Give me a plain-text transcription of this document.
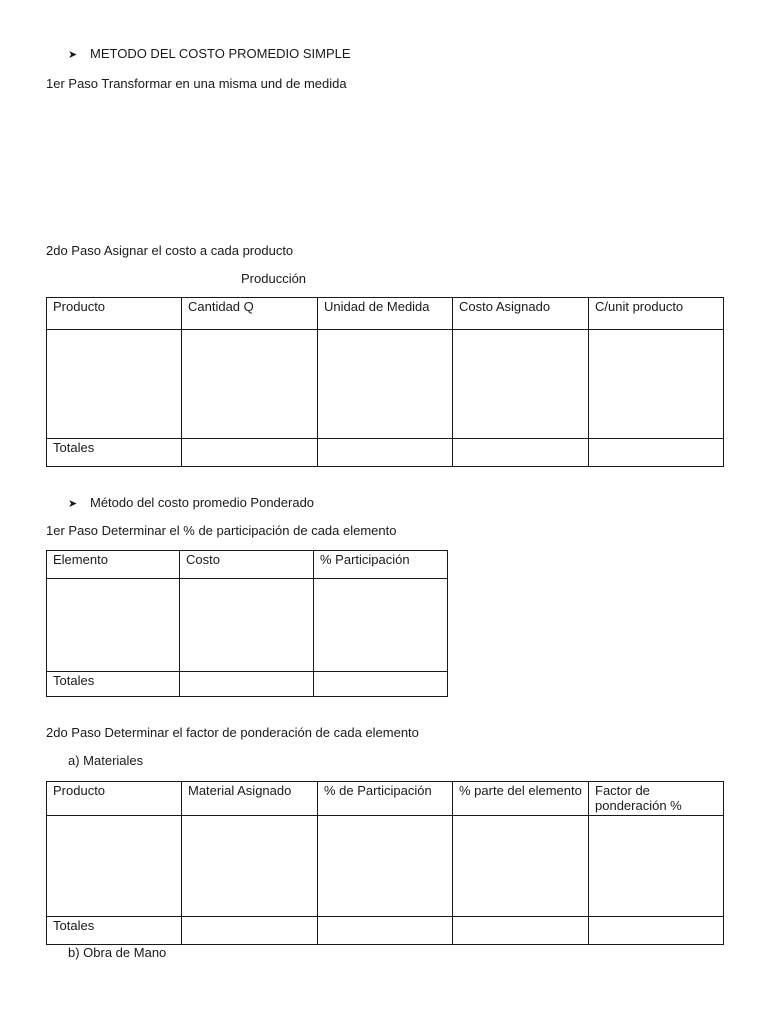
➤ METODO DEL COSTO PROMEDIO SIMPLE
1er Paso Transformar en una misma und de medida
2do Paso Asignar el costo a cada producto
Producción
Producto	Cantidad Q	Unidad de Medida	Costo Asignado	C/unit producto

Totales				
➤ Método del costo promedio Ponderado
1er Paso Determinar el % de participación de cada elemento
Elemento	Costo	% Participación

Totales		
2do Paso Determinar el factor de ponderación de cada elemento
a) Materiales
Producto	Material Asignado	% de Participación	% parte del elemento	Factor de ponderación %

Totales				
b) Obra de Mano
